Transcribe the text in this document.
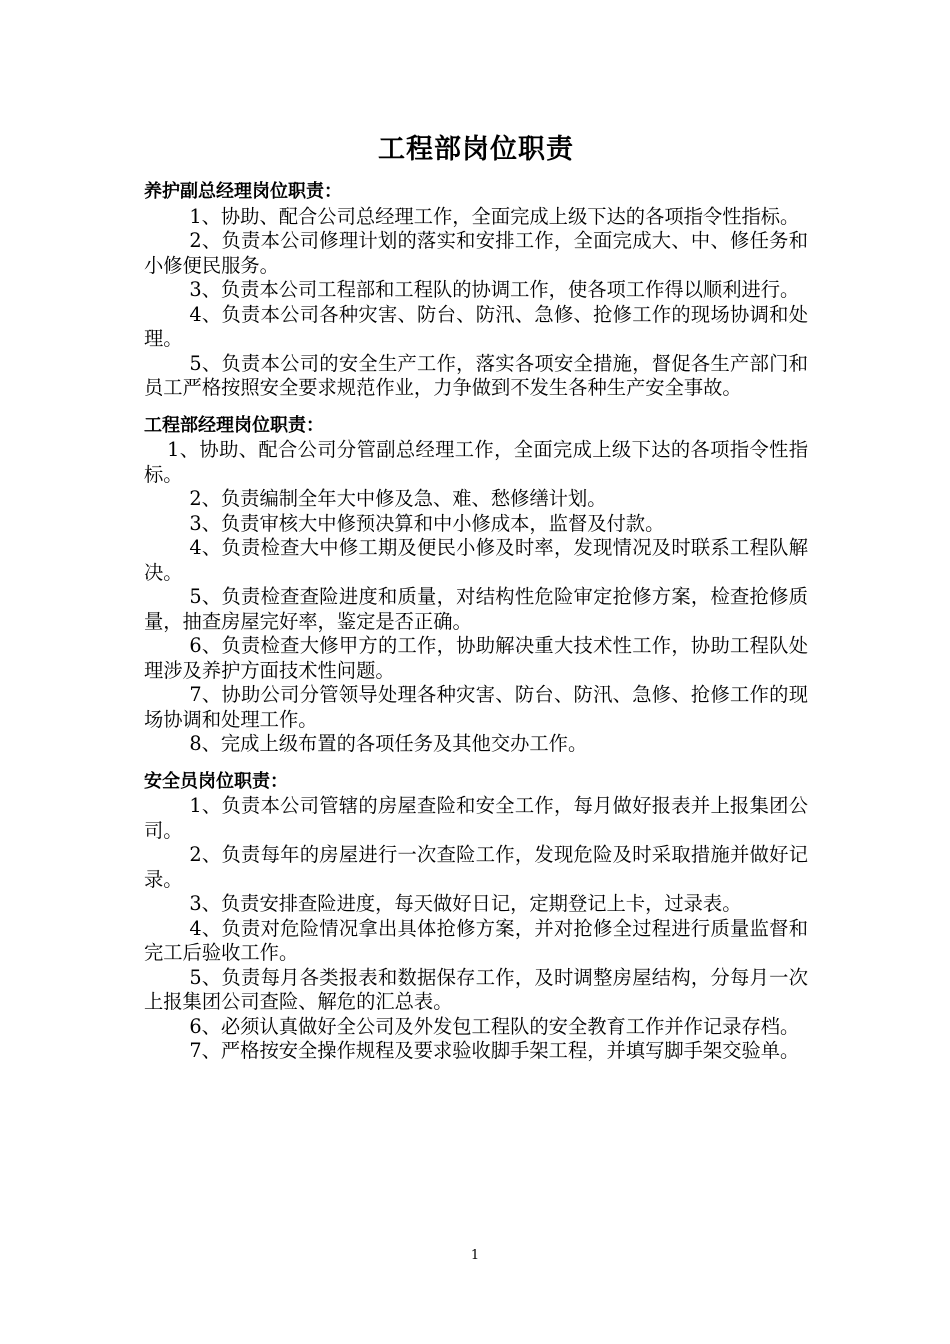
工程部岗位职责

养护副总经理岗位职责：

1、协助、配合公司总经理工作，全面完成上级下达的各项指令性指标。

2、负责本公司修理计划的落实和安排工作，全面完成大、中、修任务和小修便民服务。

3、负责本公司工程部和工程队的协调工作，使各项工作得以顺利进行。

4、负责本公司各种灾害、防台、防汛、急修、抢修工作的现场协调和处理。

5、负责本公司的安全生产工作，落实各项安全措施，督促各生产部门和员工严格按照安全要求规范作业，力争做到不发生各种生产安全事故。

工程部经理岗位职责：

1、协助、配合公司分管副总经理工作，全面完成上级下达的各项指令性指标。

2、负责编制全年大中修及急、难、愁修缮计划。

3、负责审核大中修预决算和中小修成本，监督及付款。

4、负责检查大中修工期及便民小修及时率，发现情况及时联系工程队解决。

5、负责检查查险进度和质量，对结构性危险审定抢修方案，检查抢修质量，抽查房屋完好率，鉴定是否正确。

6、负责检查大修甲方的工作，协助解决重大技术性工作，协助工程队处理涉及养护方面技术性问题。

7、协助公司分管领导处理各种灾害、防台、防汛、急修、抢修工作的现场协调和处理工作。

8、完成上级布置的各项任务及其他交办工作。

安全员岗位职责：

1、负责本公司管辖的房屋查险和安全工作，每月做好报表并上报集团公司。

2、负责每年的房屋进行一次查险工作，发现危险及时采取措施并做好记录。

3、负责安排查险进度，每天做好日记，定期登记上卡，过录表。

4、负责对危险情况拿出具体抢修方案，并对抢修全过程进行质量监督和完工后验收工作。

5、负责每月各类报表和数据保存工作，及时调整房屋结构，分每月一次上报集团公司查险、解危的汇总表。

6、必须认真做好全公司及外发包工程队的安全教育工作并作记录存档。

7、严格按安全操作规程及要求验收脚手架工程，并填写脚手架交验单。

1
